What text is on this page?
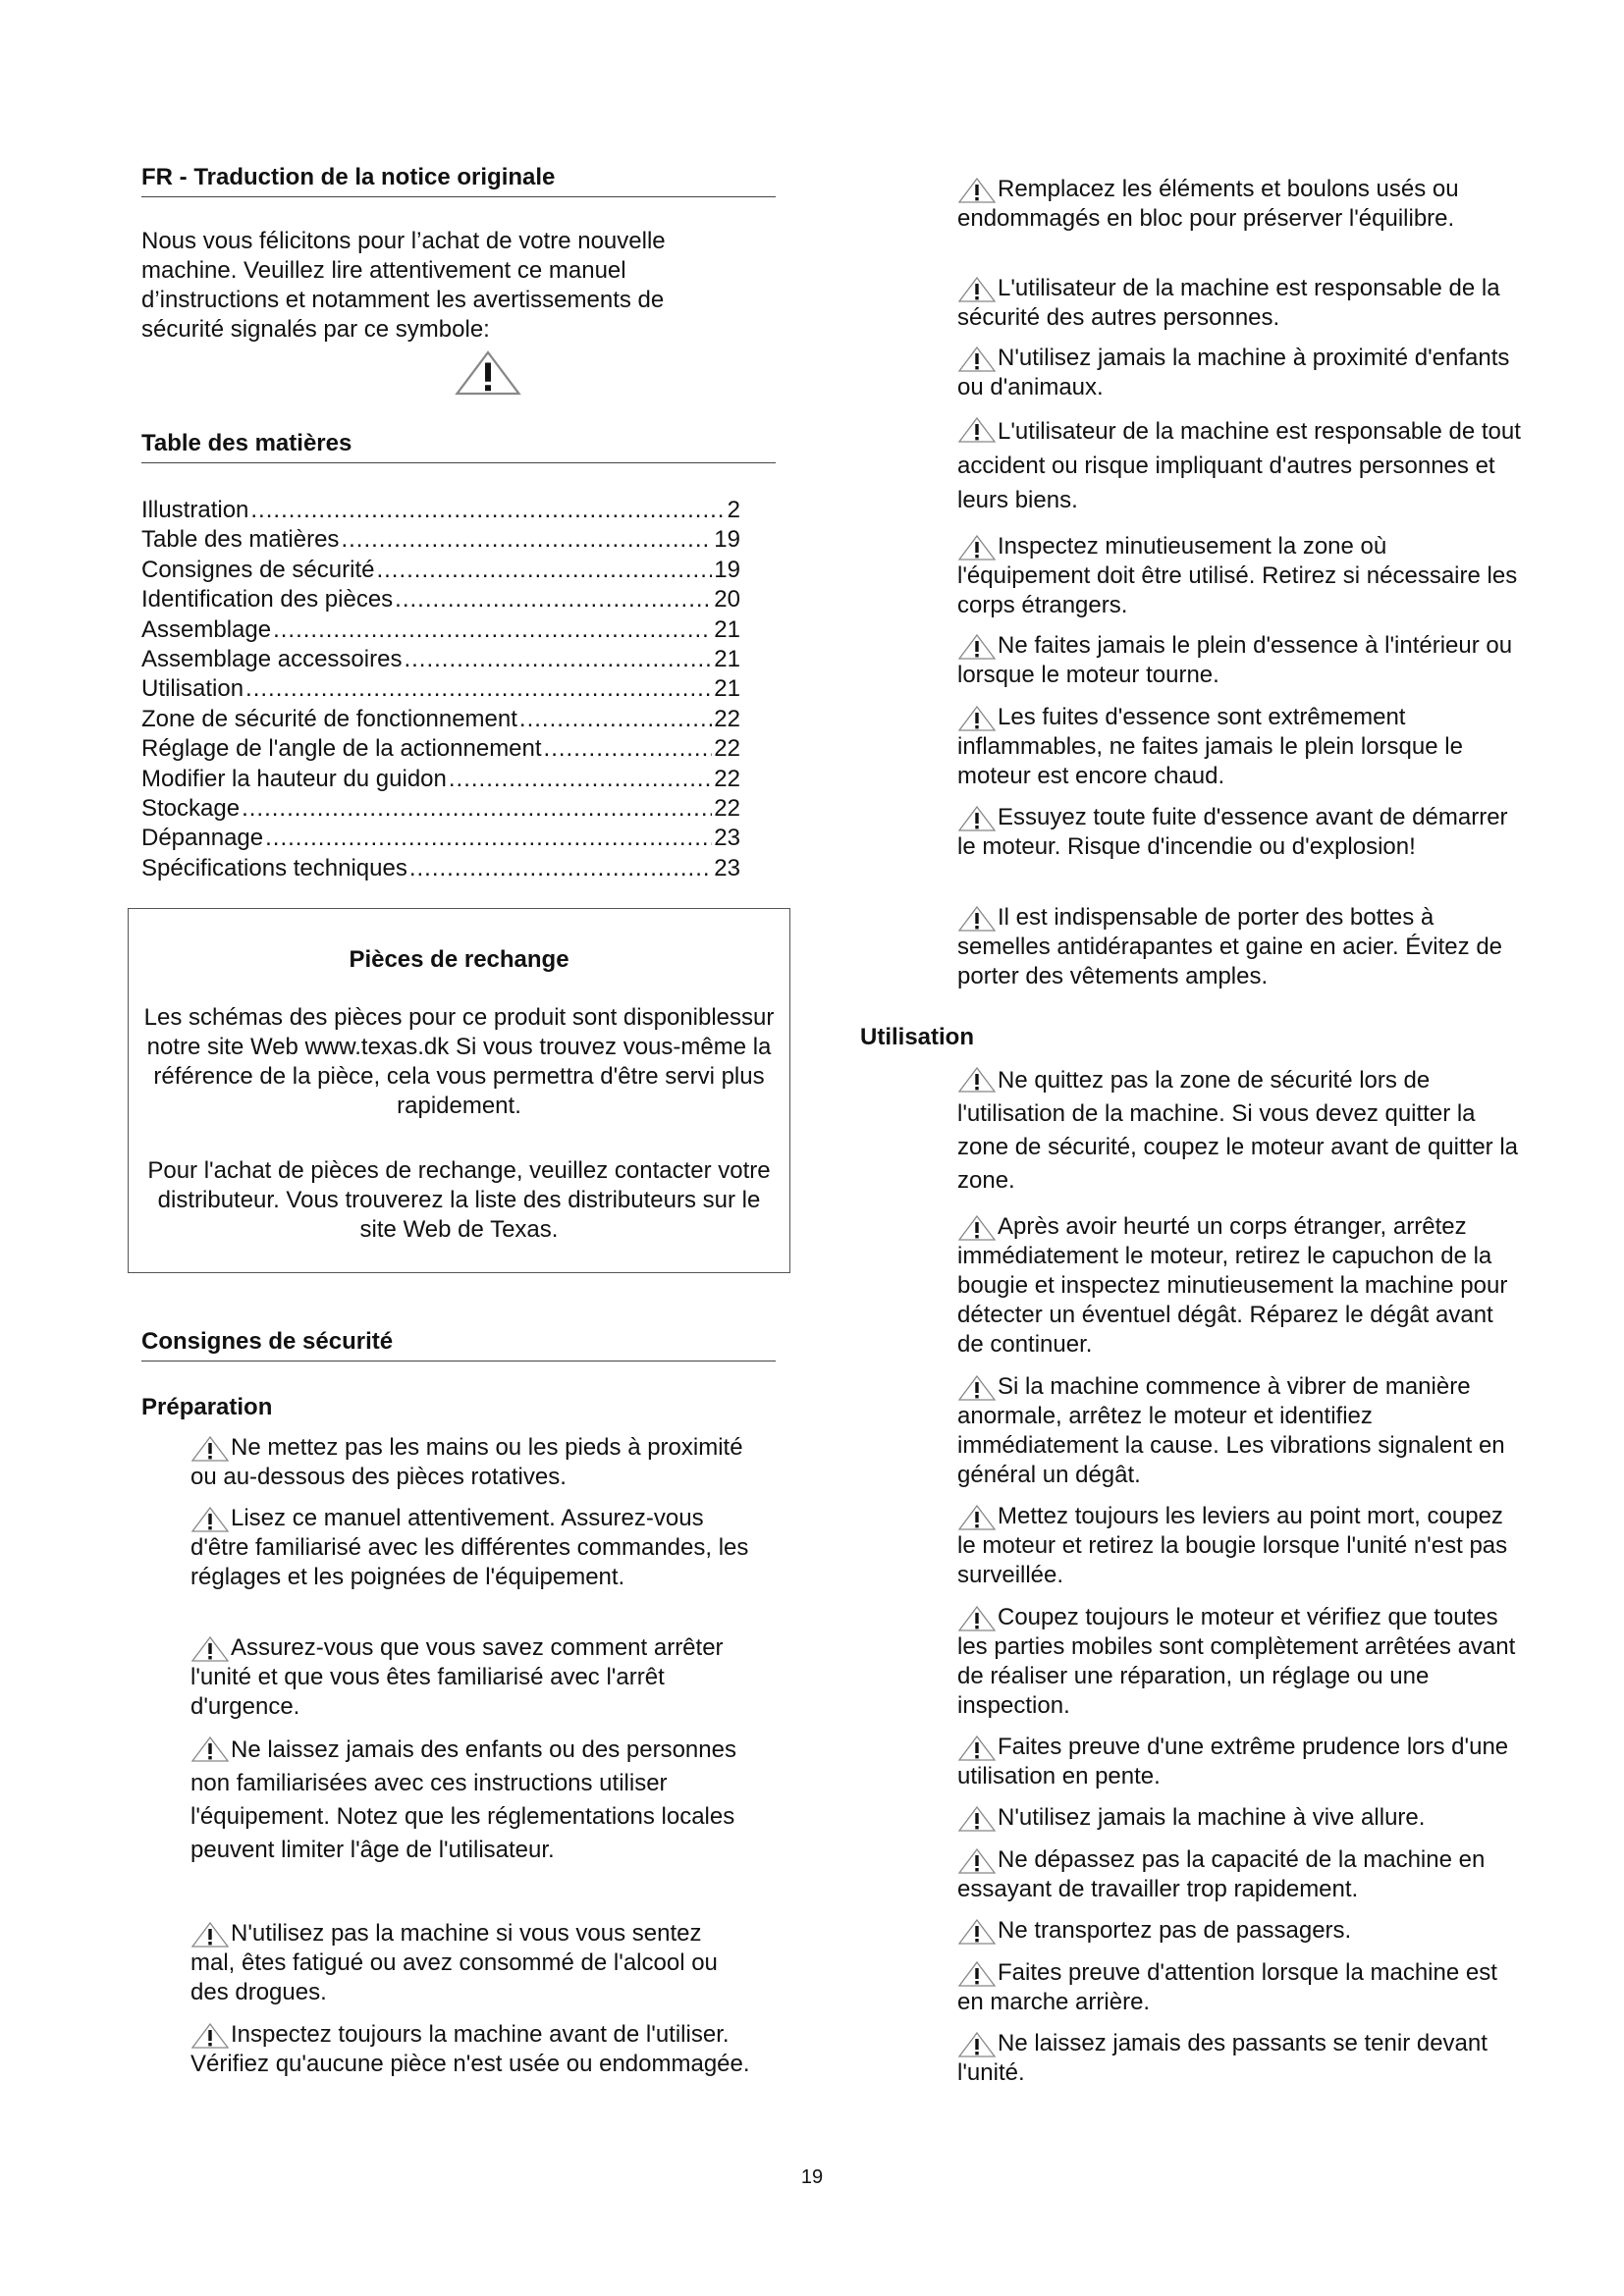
FR - Traduction de la notice originale
Nous vous félicitons pour l’achat de votre nouvelle machine. Veuillez lire attentivement ce manuel d’instructions et notamment les avertissements de sécurité signalés par ce symbole:
Table des matières
Illustration .....	2
Table des matières .....	19
Consignes de sécurité .....	19
Identification des pièces .....	20
Assemblage .....	21
Assemblage accessoires .....	21
Utilisation .....	21
Zone de sécurité de fonctionnement .....	22
Réglage de l'angle de la actionnement .....	22
Modifier la hauteur du guidon .....	22
Stockage .....	22
Dépannage .....	23
Spécifications techniques .....	23
Pièces de rechange
Les schémas des pièces pour ce produit sont disponiblessur notre site Web www.texas.dk Si vous trouvez vous-même la référence de la pièce, cela vous permettra d'être servi plus rapidement.
Pour l'achat de pièces de rechange, veuillez contacter votre distributeur. Vous trouverez la liste des distributeurs sur le site Web de Texas.
Consignes de sécurité
Préparation
Ne mettez pas les mains ou les pieds à proximité ou au-dessous des pièces rotatives.
Lisez ce manuel attentivement. Assurez-vous d'être familiarisé avec les différentes commandes, les réglages et les poignées de l'équipement.
Assurez-vous que vous savez comment arrêter l'unité et que vous êtes familiarisé avec l'arrêt d'urgence.
Ne laissez jamais des enfants ou des personnes non familiarisées avec ces instructions utiliser l'équipement. Notez que les réglementations locales peuvent limiter l'âge de l'utilisateur.
N'utilisez pas la machine si vous vous sentez mal, êtes fatigué ou avez consommé de l'alcool ou des drogues.
Inspectez toujours la machine avant de l'utiliser. Vérifiez qu'aucune pièce n'est usée ou endommagée.
Remplacez les éléments et boulons usés ou endommagés en bloc pour préserver l'équilibre.
L'utilisateur de la machine est responsable de la sécurité des autres personnes.
N'utilisez jamais la machine à proximité d'enfants ou d'animaux.
L'utilisateur de la machine est responsable de tout accident ou risque impliquant d'autres personnes et leurs biens.
Inspectez minutieusement la zone où l'équipement doit être utilisé. Retirez si nécessaire les corps étrangers.
Ne faites jamais le plein d'essence à l'intérieur ou lorsque le moteur tourne.
Les fuites d'essence sont extrêmement inflammables, ne faites jamais le plein lorsque le moteur est encore chaud.
Essuyez toute fuite d'essence avant de démarrer le moteur. Risque d'incendie ou d'explosion!
Il est indispensable de porter des bottes à semelles antidérapantes et gaine en acier. Évitez de porter des vêtements amples.
Utilisation
Ne quittez pas la zone de sécurité lors de l'utilisation de la machine. Si vous devez quitter la zone de sécurité, coupez le moteur avant de quitter la zone.
Après avoir heurté un corps étranger, arrêtez immédiatement le moteur, retirez le capuchon de la bougie et inspectez minutieusement la machine pour détecter un éventuel dégât. Réparez le dégât avant de continuer.
Si la machine commence à vibrer de manière anormale, arrêtez le moteur et identifiez immédiatement la cause. Les vibrations signalent en général un dégât.
Mettez toujours les leviers au point mort, coupez le moteur et retirez la bougie lorsque l'unité n'est pas surveillée.
Coupez toujours le moteur et vérifiez que toutes les parties mobiles sont complètement arrêtées avant de réaliser une réparation, un réglage ou une inspection.
Faites preuve d'une extrême prudence lors d'une utilisation en pente.
N'utilisez jamais la machine à vive allure.
Ne dépassez pas la capacité de la machine en essayant de travailler trop rapidement.
Ne transportez pas de passagers.
Faites preuve d'attention lorsque la machine est en marche arrière.
Ne laissez jamais des passants se tenir devant l'unité.
19
